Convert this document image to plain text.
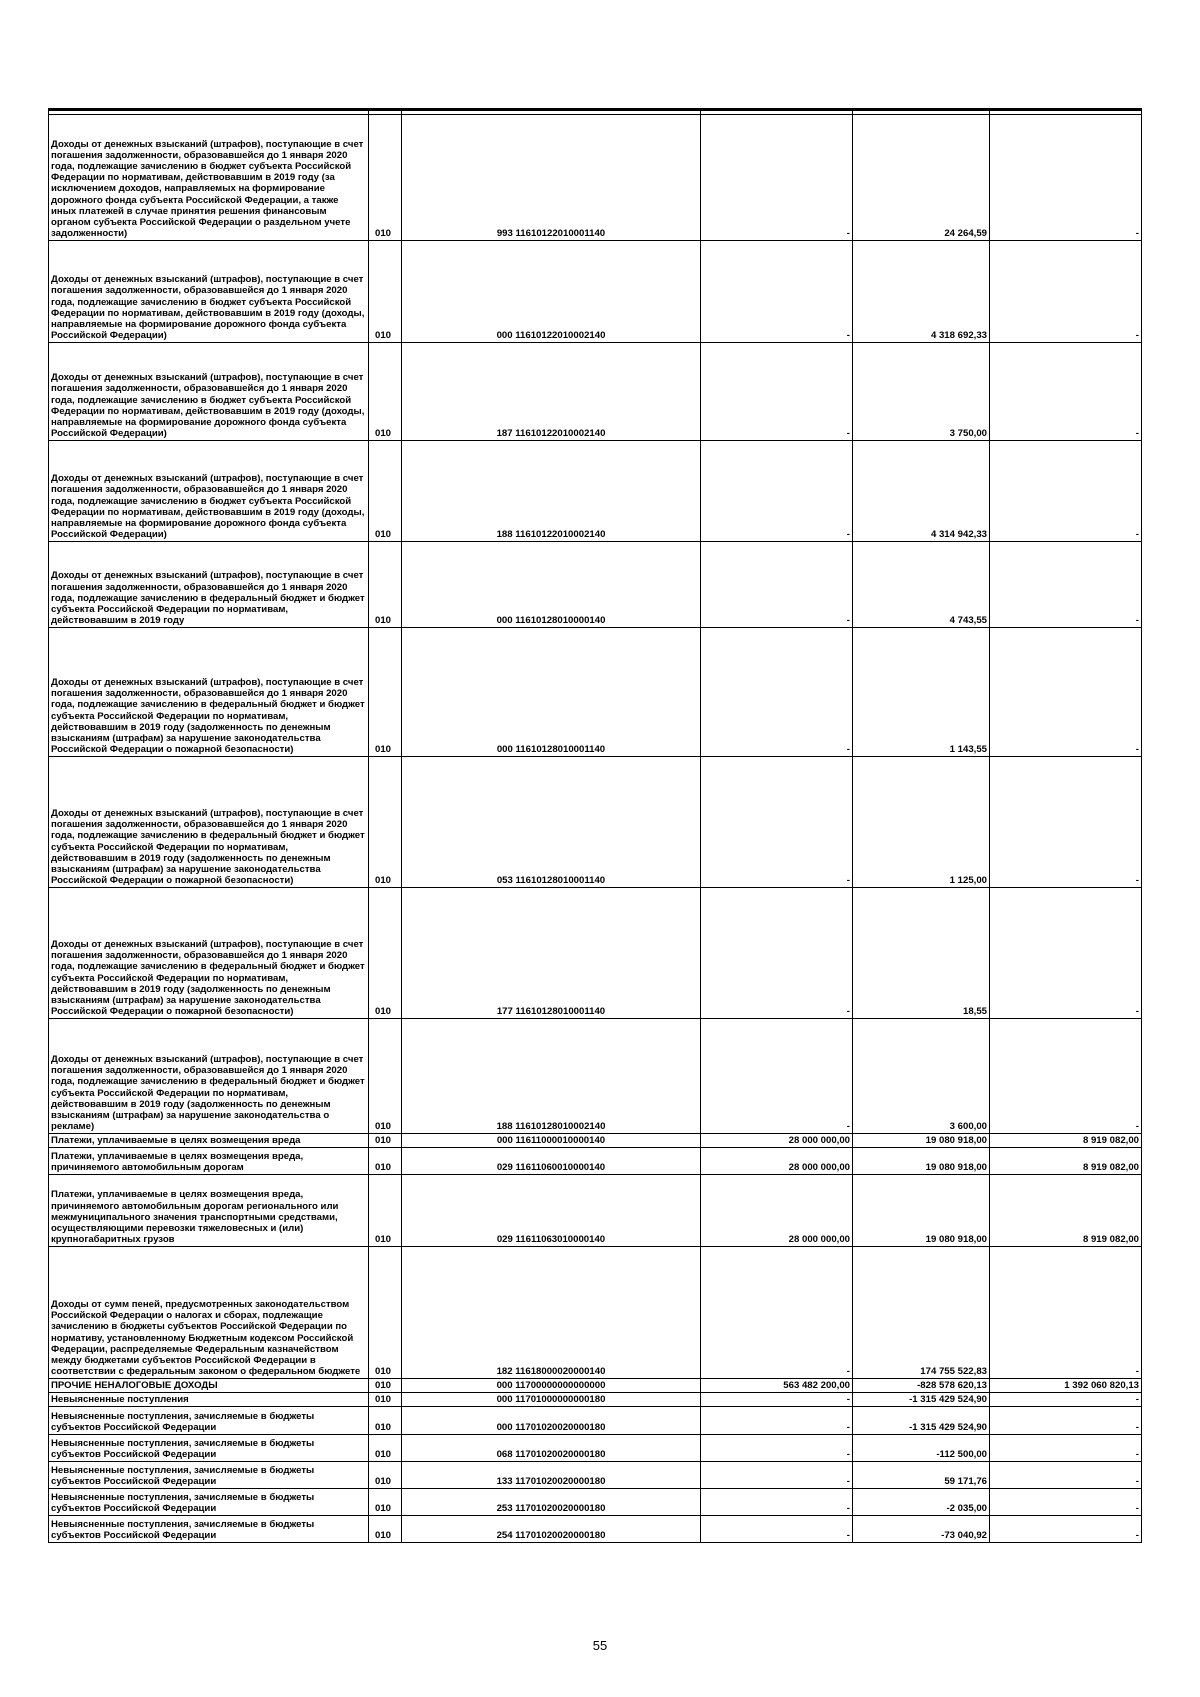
Доходы от денежных взысканий (штрафов), поступающие в счет погашения задолженности, образовавшейся до 1 января 2020 года, подлежащие зачислению в бюджет субъекта Российской Федерации по нормативам, действовавшим в 2019 году (за исключением доходов, направляемых на формирование дорожного фонда субъекта Российской Федерации, а также иных платежей в случае принятия решения финансовым органом субъекта Российской Федерации о раздельном учете задолженности)	010	993 11610122010001140	-	24 264,59	-
Доходы от денежных взысканий (штрафов), поступающие в счет погашения задолженности, образовавшейся до 1 января 2020 года, подлежащие зачислению в бюджет субъекта Российской Федерации по нормативам, действовавшим в 2019 году (доходы, направляемые на формирование дорожного фонда субъекта Российской Федерации)	010	000 11610122010002140	-	4 318 692,33	-
Доходы от денежных взысканий (штрафов), поступающие в счет погашения задолженности, образовавшейся до 1 января 2020 года, подлежащие зачислению в бюджет субъекта Российской Федерации по нормативам, действовавшим в 2019 году (доходы, направляемые на формирование дорожного фонда субъекта Российской Федерации)	010	187 11610122010002140	-	3 750,00	-
Доходы от денежных взысканий (штрафов), поступающие в счет погашения задолженности, образовавшейся до 1 января 2020 года, подлежащие зачислению в бюджет субъекта Российской Федерации по нормативам, действовавшим в 2019 году (доходы, направляемые на формирование дорожного фонда субъекта Российской Федерации)	010	188 11610122010002140	-	4 314 942,33	-
Доходы от денежных взысканий (штрафов), поступающие в счет погашения задолженности, образовавшейся до 1 января 2020 года, подлежащие зачислению в федеральный бюджет и бюджет субъекта Российской Федерации по нормативам, действовавшим в 2019 году	010	000 11610128010000140	-	4 743,55	-
Доходы от денежных взысканий (штрафов), поступающие в счет погашения задолженности, образовавшейся до 1 января 2020 года, подлежащие зачислению в федеральный бюджет и бюджет субъекта Российской Федерации по нормативам, действовавшим в 2019 году (задолженность по денежным взысканиям (штрафам) за нарушение законодательства Российской Федерации о пожарной безопасности)	010	000 11610128010001140	-	1 143,55	-
Доходы от денежных взысканий (штрафов), поступающие в счет погашения задолженности, образовавшейся до 1 января 2020 года, подлежащие зачислению в федеральный бюджет и бюджет субъекта Российской Федерации по нормативам, действовавшим в 2019 году (задолженность по денежным взысканиям (штрафам) за нарушение законодательства Российской Федерации о пожарной безопасности)	010	053 11610128010001140	-	1 125,00	-
Доходы от денежных взысканий (штрафов), поступающие в счет погашения задолженности, образовавшейся до 1 января 2020 года, подлежащие зачислению в федеральный бюджет и бюджет субъекта Российской Федерации по нормативам, действовавшим в 2019 году (задолженность по денежным взысканиям (штрафам) за нарушение законодательства Российской Федерации о пожарной безопасности)	010	177 11610128010001140	-	18,55	-
Доходы от денежных взысканий (штрафов), поступающие в счет погашения задолженности, образовавшейся до 1 января 2020 года, подлежащие зачислению в федеральный бюджет и бюджет субъекта Российской Федерации по нормативам, действовавшим в 2019 году (задолженность по денежным взысканиям (штрафам) за нарушение законодательства о рекламе)	010	188 11610128010002140	-	3 600,00	-
Платежи, уплачиваемые в целях возмещения вреда	010	000 11611000010000140	28 000 000,00	19 080 918,00	8 919 082,00
Платежи, уплачиваемые в целях возмещения вреда, причиняемого автомобильным дорогам	010	029 11611060010000140	28 000 000,00	19 080 918,00	8 919 082,00
Платежи, уплачиваемые в целях возмещения вреда, причиняемого автомобильным дорогам регионального или межмуниципального значения транспортными средствами, осуществляющими перевозки тяжеловесных и (или) крупногабаритных грузов	010	029 11611063010000140	28 000 000,00	19 080 918,00	8 919 082,00
Доходы от сумм пеней, предусмотренных законодательством Российской Федерации о налогах и сборах, подлежащие зачислению в бюджеты субъектов Российской Федерации по нормативу, установленному Бюджетным кодексом Российской Федерации, распределяемые Федеральным казначейством между бюджетами субъектов Российской Федерации в соответствии с федеральным законом о федеральном бюджете	010	182 11618000020000140	-	174 755 522,83	-
ПРОЧИЕ НЕНАЛОГОВЫЕ ДОХОДЫ	010	000 11700000000000000	563 482 200,00	-828 578 620,13	1 392 060 820,13
Невыясненные поступления	010	000 11701000000000180	-	-1 315 429 524,90	-
Невыясненные поступления, зачисляемые в бюджеты субъектов Российской Федерации	010	000 11701020020000180	-	-1 315 429 524,90	-
Невыясненные поступления, зачисляемые в бюджеты субъектов Российской Федерации	010	068 11701020020000180	-	-112 500,00	-
Невыясненные поступления, зачисляемые в бюджеты субъектов Российской Федерации	010	133 11701020020000180	-	59 171,76	-
Невыясненные поступления, зачисляемые в бюджеты субъектов Российской Федерации	010	253 11701020020000180	-	-2 035,00	-
Невыясненные поступления, зачисляемые в бюджеты субъектов Российской Федерации	010	254 11701020020000180	-	-73 040,92	-
55
